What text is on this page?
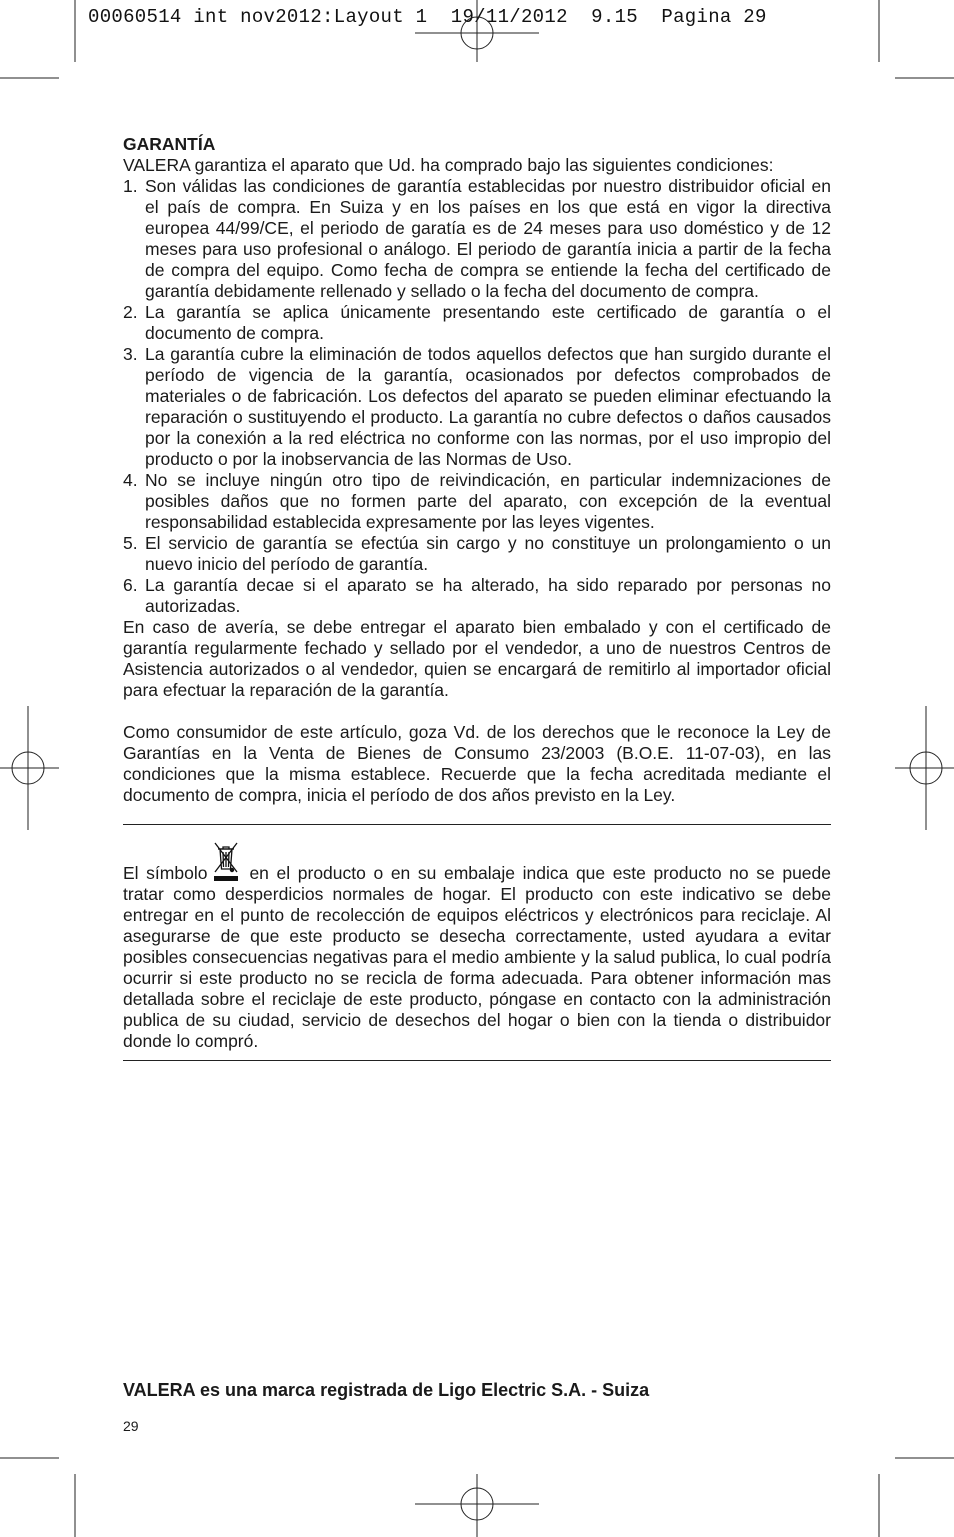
00060514 int nov2012:Layout 1  19/11/2012  9.15  Pagina 29

GARANTÍA

VALERA garantiza el aparato que Ud. ha comprado bajo las siguientes condiciones:

1. Son válidas las condiciones de garantía establecidas por nuestro distribuidor oficial en el país de compra. En Suiza y en los países en los que está en vigor la directiva europea 44/99/CE, el periodo de garatía es de 24 meses para uso doméstico y de 12 meses para uso profesional o análogo. El periodo de garantía inicia a partir de la fecha de compra del equipo. Como fecha de compra se entiende la fecha del certificado de garantía debidamente rellenado y sellado o la fecha del documento de compra.
2. La garantía se aplica únicamente presentando este certificado de garantía o el documento de compra.
3. La garantía cubre la eliminación de todos aquellos defectos que han surgido durante el período de vigencia de la garantía, ocasionados por defectos comprobados de materiales o de fabricación. Los defectos del aparato se pueden eliminar efectuando la reparación o sustituyendo el producto. La garantía no cubre defectos o daños causados por la conexión a la red eléctrica no conforme con las normas, por el uso impropio del producto o por la inobservancia de las Normas de Uso.
4. No se incluye ningún otro tipo de reivindicación, en particular indemnizaciones de posibles daños que no formen parte del aparato, con excepción de la eventual responsabilidad establecida expresamente por las leyes vigentes.
5. El servicio de garantía se efectúa sin cargo y no constituye un prolongamiento o un nuevo inicio del período de garantía.
6. La garantía decae si el aparato se ha alterado, ha sido reparado por personas no autorizadas.

En caso de avería, se debe entregar el aparato bien embalado y con el certificado de garantía regularmente fechado y sellado por el vendedor, a uno de nuestros Centros de Asistencia autorizados o al vendedor, quien se encargará de remitirlo al importador oficial para efectuar la reparación de la garantía.

Como consumidor de este artículo, goza Vd. de los derechos que le reconoce la Ley de Garantías en la Venta de Bienes de Consumo 23/2003 (B.O.E. 11-07-03), en las condiciones que la misma establece. Recuerde que la fecha acreditada mediante el documento de compra, inicia el período de dos años previsto en la Ley.

El símbolo en el producto o en su embalaje indica que este producto no se puede tratar como desperdicios normales de hogar. El producto con este indicativo se debe entregar en el punto de recolección de equipos eléctricos y electrónicos para reciclaje. Al asegurarse de que este producto se desecha correctamente, usted ayudara a evitar posibles consecuencias negativas para el medio ambiente y la salud publica, lo cual podría ocurrir si este producto no se recicla de forma adecuada. Para obtener información mas detallada sobre el reciclaje de este producto, póngase en contacto con la administración publica de su ciudad, servicio de desechos del hogar o bien con la tienda o distribuidor donde lo compró.

VALERA es una marca registrada de Ligo Electric S.A. - Suiza
29
